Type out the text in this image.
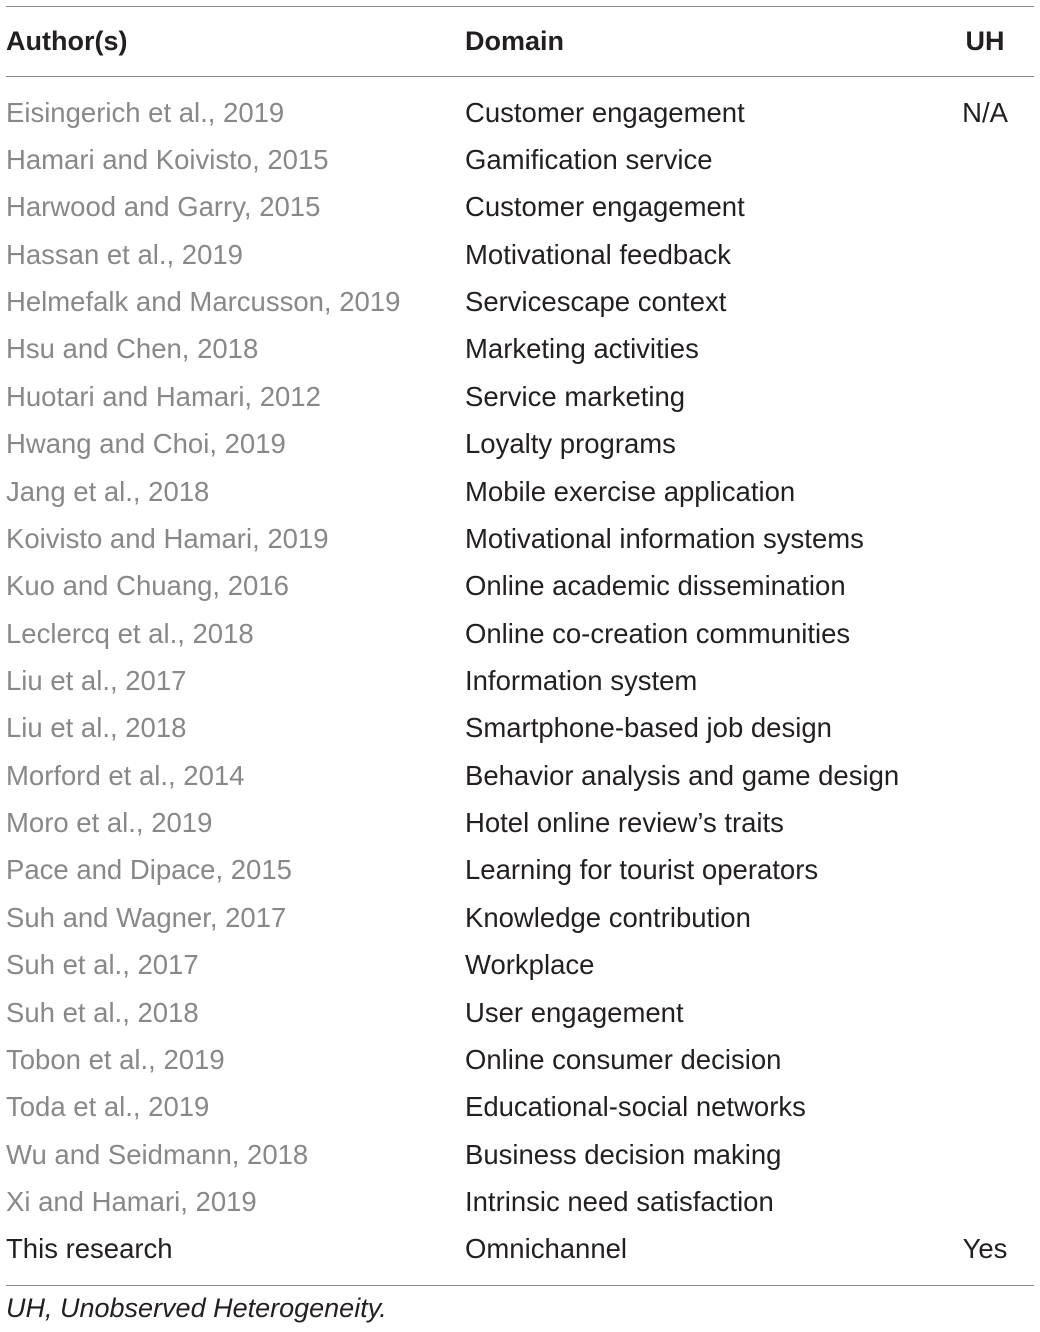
Author(s)	Domain	UH
Eisingerich et al., 2019	Customer engagement	N/A
Hamari and Koivisto, 2015	Gamification service
Harwood and Garry, 2015	Customer engagement
Hassan et al., 2019	Motivational feedback
Helmefalk and Marcusson, 2019	Servicescape context
Hsu and Chen, 2018	Marketing activities
Huotari and Hamari, 2012	Service marketing
Hwang and Choi, 2019	Loyalty programs
Jang et al., 2018	Mobile exercise application
Koivisto and Hamari, 2019	Motivational information systems
Kuo and Chuang, 2016	Online academic dissemination
Leclercq et al., 2018	Online co-creation communities
Liu et al., 2017	Information system
Liu et al., 2018	Smartphone-based job design
Morford et al., 2014	Behavior analysis and game design
Moro et al., 2019	Hotel online review’s traits
Pace and Dipace, 2015	Learning for tourist operators
Suh and Wagner, 2017	Knowledge contribution
Suh et al., 2017	Workplace
Suh et al., 2018	User engagement
Tobon et al., 2019	Online consumer decision
Toda et al., 2019	Educational-social networks
Wu and Seidmann, 2018	Business decision making
Xi and Hamari, 2019	Intrinsic need satisfaction
This research	Omnichannel	Yes
UH, Unobserved Heterogeneity.
